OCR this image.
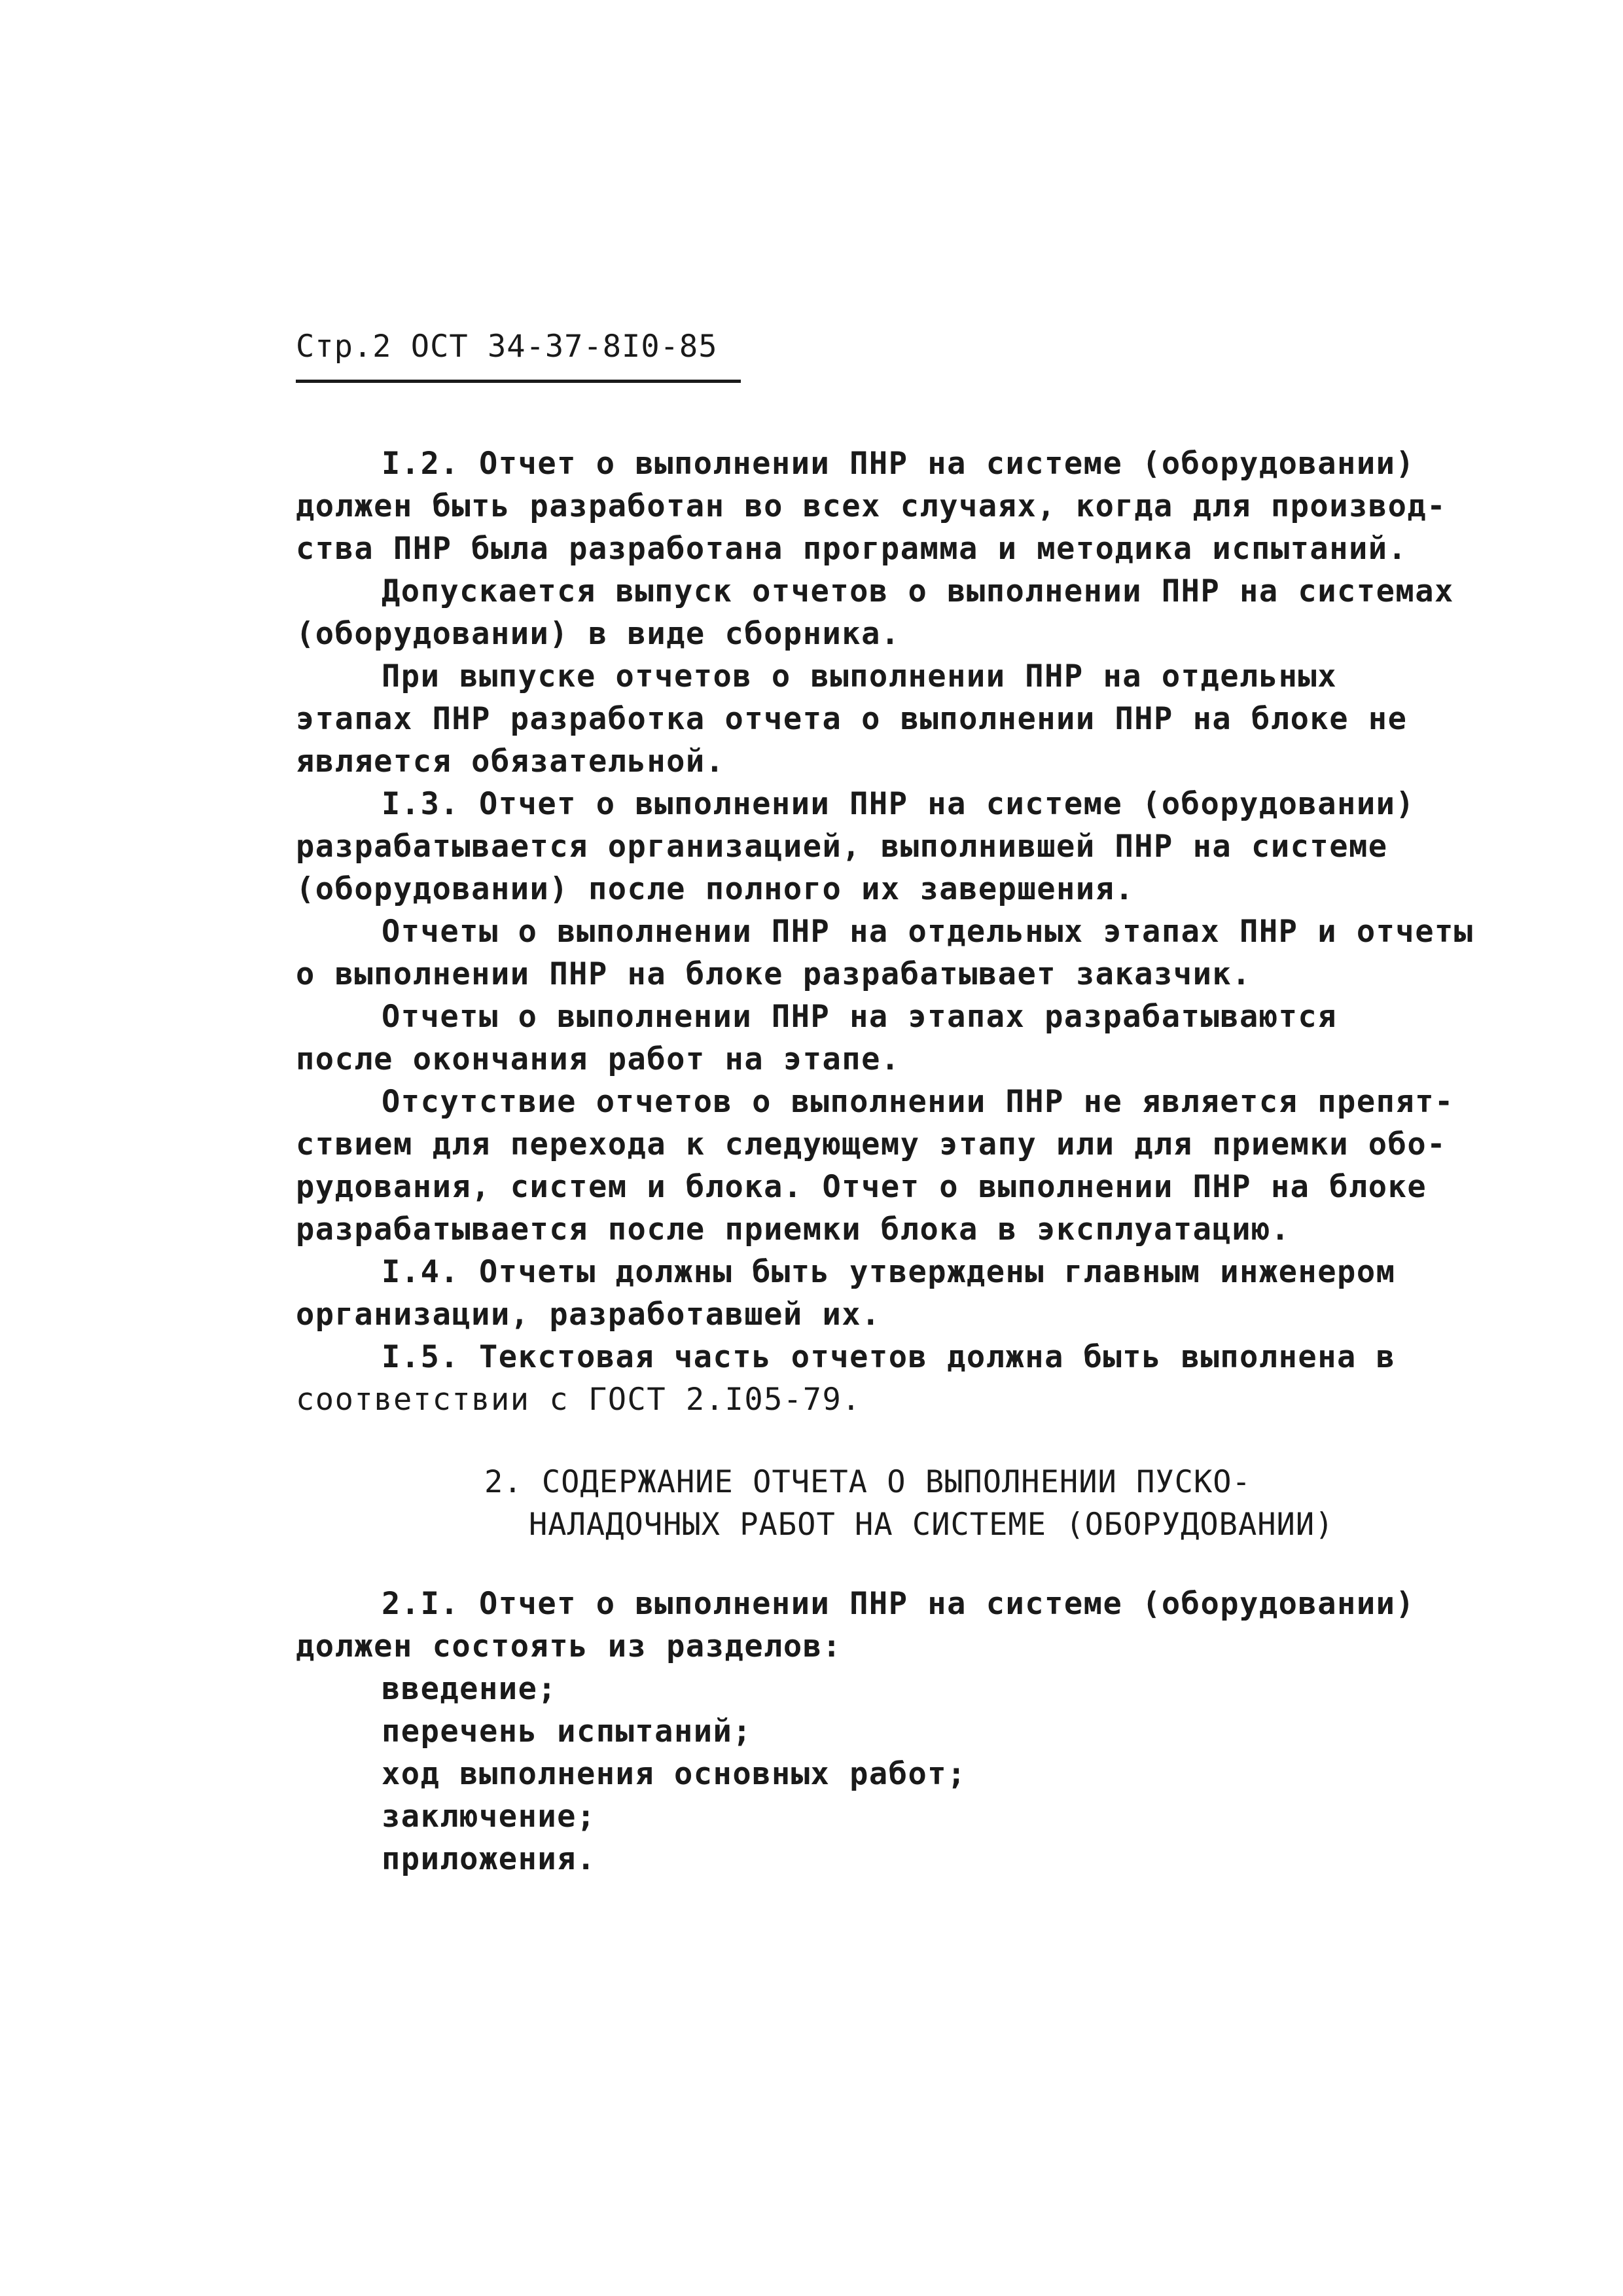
Стр.2 ОСТ 34-37-8I0-85
I.2. Отчет о выполнении ПНР на системе (оборудовании)
должен быть разработан во всех случаях, когда для производ-
ства ПНР была разработана программа и методика испытаний.
Допускается выпуск отчетов о выполнении ПНР на системах
(оборудовании) в виде сборника.
При выпуске отчетов о выполнении ПНР на отдельных
этапах ПНР разработка отчета о выполнении ПНР на блоке не
является обязательной.
I.3. Отчет о выполнении ПНР на системе (оборудовании)
разрабатывается организацией, выполнившей ПНР на системе
(оборудовании) после полного их завершения.
Отчеты о выполнении ПНР на отдельных этапах ПНР и отчеты
о выполнении ПНР на блоке разрабатывает заказчик.
Отчеты о выполнении ПНР на этапах разрабатываются
после окончания работ на этапе.
Отсутствие отчетов о выполнении ПНР не является препят-
ствием для перехода к следующему этапу или для приемки обо-
рудования, систем и блока. Отчет о выполнении ПНР на блоке
разрабатывается после приемки блока в эксплуатацию.
I.4. Отчеты должны быть утверждены главным инженером
организации, разработавшей их.
I.5. Текстовая часть отчетов должна быть выполнена в
соответствии с ГОСТ 2.I05-79.
2. СОДЕРЖАНИЕ ОТЧЕТА О ВЫПОЛНЕНИИ ПУСКО-
НАЛАДОЧНЫХ РАБОТ НА СИСТЕМЕ (ОБОРУДОВАНИИ)
2.I. Отчет о выполнении ПНР на системе (оборудовании)
должен состоять из разделов:
введение;
перечень испытаний;
ход выполнения основных работ;
заключение;
приложения.
